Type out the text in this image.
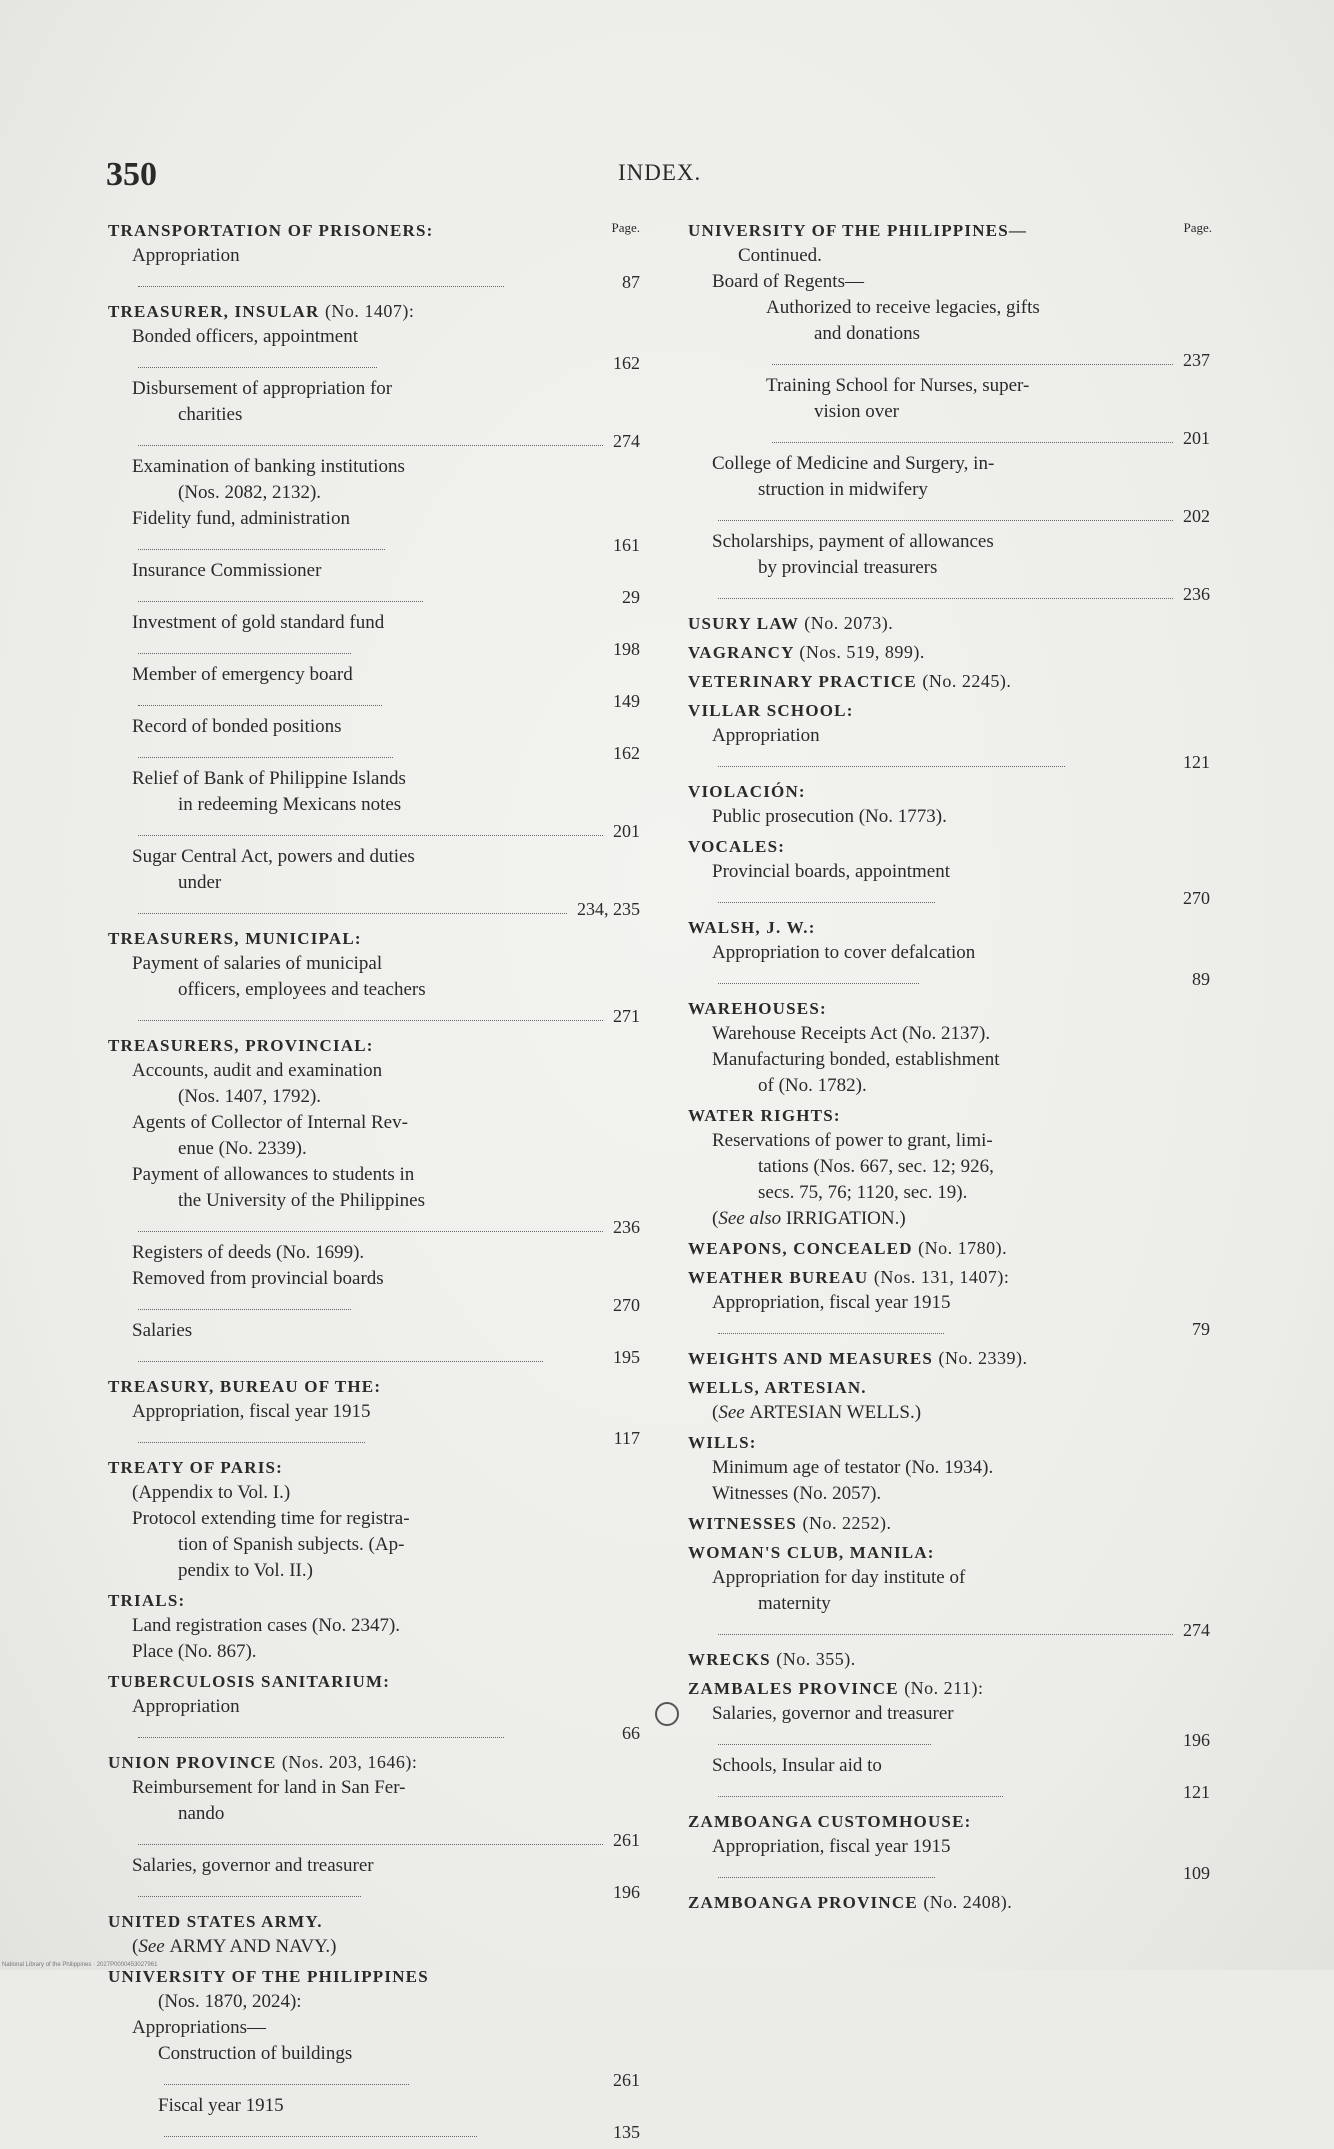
350	INDEX.
Page.
TRANSPORTATION OF PRISONERS:
Appropriation
87
TREASURER, INSULAR (No. 1407):
Bonded officers, appointment
162
Disbursement of appropriation for
charities
274
Examination of banking institutions
(Nos. 2082, 2132).
Fidelity fund, administration
161
Insurance Commissioner
29
Investment of gold standard fund
198
Member of emergency board
149
Record of bonded positions
162
Relief of Bank of Philippine Islands
in redeeming Mexicans notes
201
Sugar Central Act, powers and duties
under
234, 235
TREASURERS, MUNICIPAL:
Payment of salaries of municipal
officers, employees and teachers
271
TREASURERS, PROVINCIAL:
Accounts, audit and examination
(Nos. 1407, 1792).
Agents of Collector of Internal Rev-
enue (No. 2339).
Payment of allowances to students in
the University of the Philippines
236
Registers of deeds (No. 1699).
Removed from provincial boards
270
Salaries
195
TREASURY, BUREAU OF THE:
Appropriation, fiscal year 1915
117
TREATY OF PARIS:
(Appendix to Vol. I.)
Protocol extending time for registra-
tion of Spanish subjects. (Ap-
pendix to Vol. II.)
TRIALS:
Land registration cases (No. 2347).
Place (No. 867).
TUBERCULOSIS SANITARIUM:
Appropriation
66
UNION PROVINCE (Nos. 203, 1646):
Reimbursement for land in San Fer-
nando
261
Salaries, governor and treasurer
196
UNITED STATES ARMY.
(See ARMY AND NAVY.)
UNIVERSITY OF THE PHILIPPINES
(Nos. 1870, 2024):
Appropriations—
Construction of buildings
261
Fiscal year 1915
135
Page.
UNIVERSITY OF THE PHILIPPINES—
Continued.
Board of Regents—
Authorized to receive legacies, gifts
and donations
237
Training School for Nurses, super-
vision over
201
College of Medicine and Surgery, in-
struction in midwifery
202
Scholarships, payment of allowances
by provincial treasurers
236
USURY LAW (No. 2073).
VAGRANCY (Nos. 519, 899).
VETERINARY PRACTICE (No. 2245).
VILLAR SCHOOL:
Appropriation
121
VIOLACIÓN:
Public prosecution (No. 1773).
VOCALES:
Provincial boards, appointment
270
WALSH, J. W.:
Appropriation to cover defalcation
89
WAREHOUSES:
Warehouse Receipts Act (No. 2137).
Manufacturing bonded, establishment
of (No. 1782).
WATER RIGHTS:
Reservations of power to grant, limi-
tations (Nos. 667, sec. 12; 926,
secs. 75, 76; 1120, sec. 19).
(See also IRRIGATION.)
WEAPONS, CONCEALED (No. 1780).
WEATHER BUREAU (Nos. 131, 1407):
Appropriation, fiscal year 1915
79
WEIGHTS AND MEASURES (No. 2339).
WELLS, ARTESIAN.
(See ARTESIAN WELLS.)
WILLS:
Minimum age of testator (No. 1934).
Witnesses (No. 2057).
WITNESSES (No. 2252).
WOMAN'S CLUB, MANILA:
Appropriation for day institute of
maternity
274
WRECKS (No. 355).
ZAMBALES PROVINCE (No. 211):
Salaries, governor and treasurer
196
Schools, Insular aid to
121
ZAMBOANGA CUSTOMHOUSE:
Appropriation, fiscal year 1915
109
ZAMBOANGA PROVINCE (No. 2408).
National Library of the Philippines · 2027P0000453027961
